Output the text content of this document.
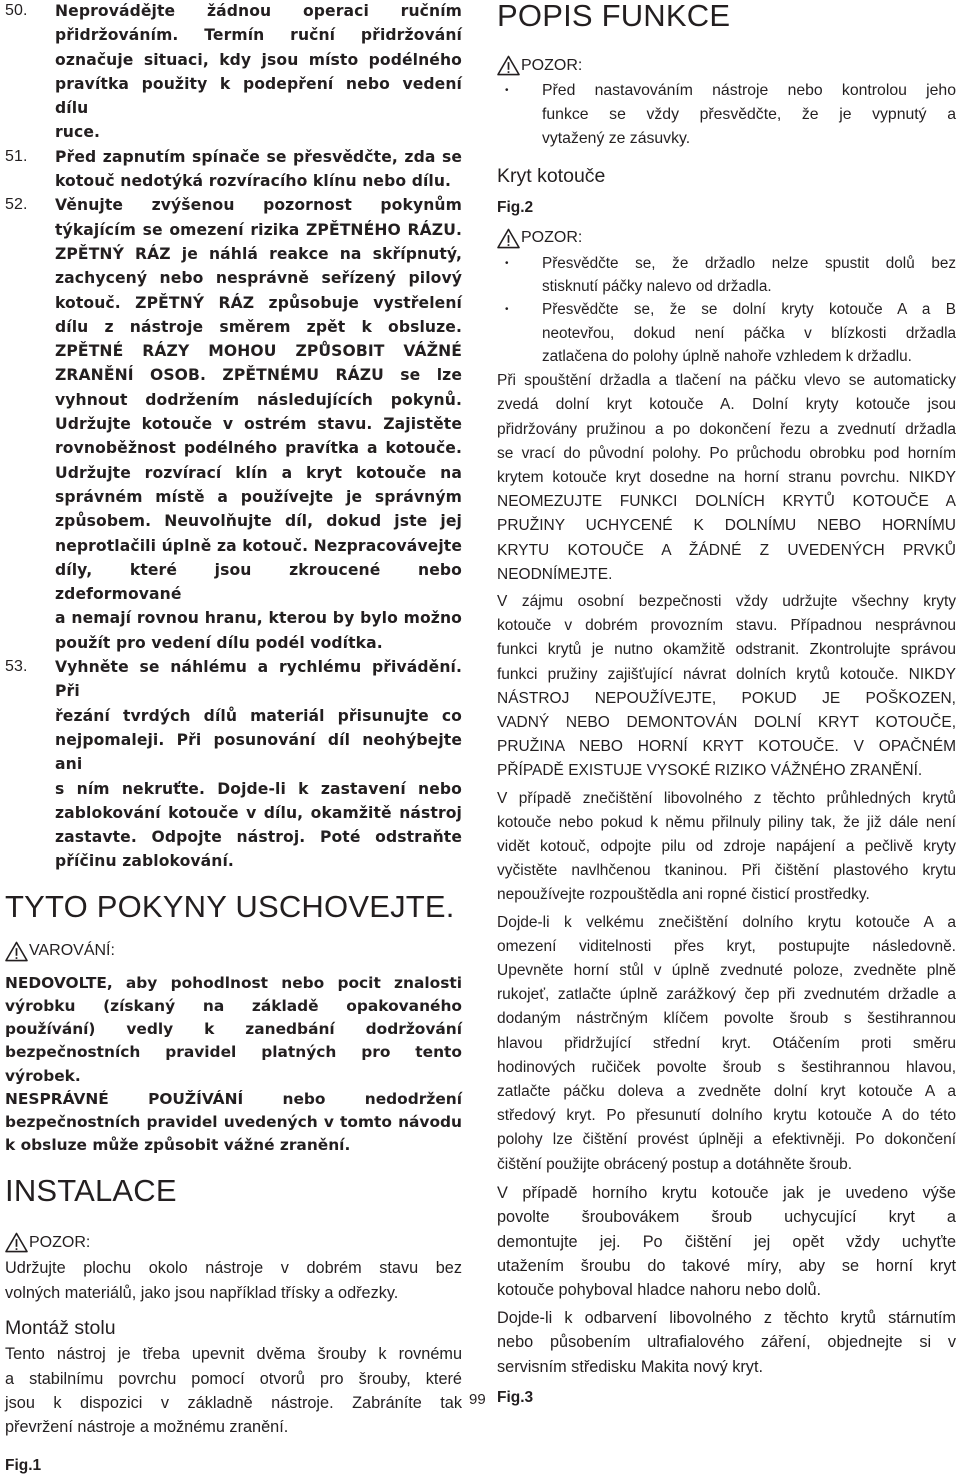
50. Neprovádějte žádnou operaci ručním
přidržováním. Termín ruční přidržování
označuje situaci, kdy jsou místo podélného
pravítka použity k podepření nebo vedení dílu
ruce.
51. Před zapnutím spínače se přesvědčte, zda se
kotouč nedotýká rozvíracího klínu nebo dílu.
52. Věnujte zvýšenou pozornost pokynům
týkajícím se omezení rizika ZPĚTNÉHO RÁZU.
ZPĚTNÝ RÁZ je náhlá reakce na skřípnutý,
zachycený nebo nesprávně seřízený pilový
kotouč. ZPĚTNÝ RÁZ způsobuje vystřelení
dílu z nástroje směrem zpět k obsluze.
ZPĚTNÉ RÁZY MOHOU ZPŮSOBIT VÁŽNÉ
ZRANĚNÍ OSOB. ZPĚTNÉMU RÁZU se lze
vyhnout dodržením následujících pokynů.
Udržujte kotouče v ostrém stavu. Zajistěte
rovnoběžnost podélného pravítka a kotouče.
Udržujte rozvírací klín a kryt kotouče na
správném místě a používejte je správným
způsobem. Neuvolňujte díl, dokud jste jej
neprotlačili úplně za kotouč. Nezpracovávejte
díly, které jsou zkroucené nebo zdeformované
a nemají rovnou hranu, kterou by bylo možno
použít pro vedení dílu podél vodítka.
53. Vyhněte se náhlému a rychlému přivádění. Při
řezání tvrdých dílů materiál přisunujte co
nejpomaleji. Při posunování díl neohýbejte ani
s ním nekruťte. Dojde-li k zastavení nebo
zablokování kotouče v dílu, okamžitě nástroj
zastavte. Odpojte nástroj. Poté odstraňte
příčinu zablokování.
TYTO POKYNY USCHOVEJTE.
VAROVÁNÍ:
NEDOVOLTE, aby pohodlnost nebo pocit znalosti
výrobku (získaný na základě opakovaného
používání) vedly k zanedbání dodržování
bezpečnostních pravidel platných pro tento výrobek.
NESPRÁVNÉ POUŽÍVÁNÍ nebo nedodržení
bezpečnostních pravidel uvedených v tomto návodu
k obsluze může způsobit vážné zranění.
INSTALACE
POZOR:
Udržujte plochu okolo nástroje v dobrém stavu bez
volných materiálů, jako jsou například třísky a odřezky.
Montáž stolu
Tento nástroj je třeba upevnit dvěma šrouby k rovnému
a stabilnímu povrchu pomocí otvorů pro šrouby, které
jsou k dispozici v základně nástroje. Zabráníte tak
převržení nástroje a možnému zranění.
Fig.1
POPIS FUNKCE
POZOR:
• Před nastavováním nástroje nebo kontrolou jeho
funkce se vždy přesvědčte, že je vypnutý a
vytažený ze zásuvky.
Kryt kotouče
Fig.2
POZOR:
• Přesvědčte se, že držadlo nelze spustit dolů bez
stisknutí páčky nalevo od držadla.
• Přesvědčte se, že se dolní kryty kotouče A a B
neotevřou, dokud není páčka v blízkosti držadla
zatlačena do polohy úplně nahoře vzhledem k držadlu.
Při spouštění držadla a tlačení na páčku vlevo se automaticky
zvedá dolní kryt kotouče A. Dolní kryty kotouče jsou
přidržovány pružinou a po dokončení řezu a zvednutí držadla
se vrací do původní polohy. Po průchodu obrobku pod horním
krytem kotouče kryt dosedne na horní stranu povrchu. NIKDY
NEOMEZUJTE FUNKCI DOLNÍCH KRYTŮ KOTOUČE A
PRUŽINY UCHYCENÉ K DOLNÍMU NEBO HORNÍMU
KRYTU KOTOUČE A ŽÁDNÉ Z UVEDENÝCH PRVKŮ
NEODNÍMEJTE.
V zájmu osobní bezpečnosti vždy udržujte všechny kryty
kotouče v dobrém provozním stavu. Případnou nesprávnou
funkci krytů je nutno okamžitě odstranit. Zkontrolujte správou
funkci pružiny zajišťující návrat dolních krytů kotouče. NIKDY
NÁSTROJ NEPOUŽÍVEJTE, POKUD JE POŠKOZEN,
VADNÝ NEBO DEMONTOVÁN DOLNÍ KRYT KOTOUČE,
PRUŽINA NEBO HORNÍ KRYT KOTOUČE. V OPAČNÉM
PŘÍPADĚ EXISTUJE VYSOKÉ RIZIKO VÁŽNÉHO ZRANĚNÍ.
V případě znečištění libovolného z těchto průhledných krytů
kotouče nebo pokud k němu přilnuly piliny tak, že již dále není
vidět kotouč, odpojte pilu od zdroje napájení a pečlivě kryty
vyčistěte navlhčenou tkaninou. Při čištění plastového krytu
nepoužívejte rozpouštědla ani ropné čisticí prostředky.
Dojde-li k velkému znečištění dolního krytu kotouče A a
omezení viditelnosti přes kryt, postupujte následovně.
Upevněte horní stůl v úplně zvednuté poloze, zvedněte plně
rukojeť, zatlačte úplně zarážkový čep při zvednutém držadle a
dodaným nástrčným klíčem povolte šroub s šestihrannou
hlavou přidržující střední kryt. Otáčením proti směru
hodinových ručiček povolte šroub s šestihrannou hlavou,
zatlačte páčku doleva a zvedněte dolní kryt kotouče A a
středový kryt. Po přesunutí dolního krytu kotouče A do této
polohy lze čištění provést úplněji a efektivněji. Po dokončení
čištění použijte obrácený postup a dotáhněte šroub.
V případě horního krytu kotouče jak je uvedeno výše
povolte šroubovákem šroub uchycující kryt a
demontujte jej. Po čištění jej opět vždy uchyťte
utažením šroubu do takové míry, aby se horní kryt
kotouče pohyboval hladce nahoru nebo dolů.
Dojde-li k odbarvení libovolného z těchto krytů stárnutím
nebo působením ultrafialového záření, objednejte si v
servisním středisku Makita nový kryt.
Fig.3
99
